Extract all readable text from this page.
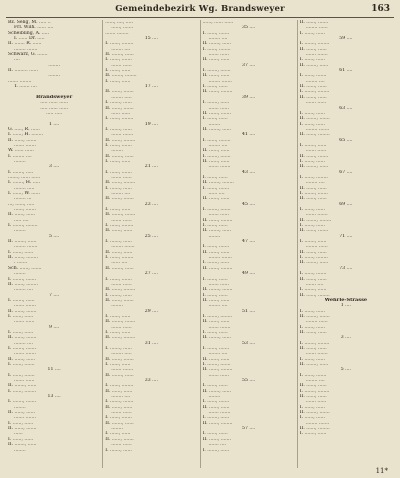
Gemeindebezirk Wg. Brandsweyer	163
Bz. Selig, M. ..... ..
Frl. Wilh. ...... ....
Scheibling, A. .....
I. ...... Dr. .....
II. ....... R. ......
........ .......
Schwarz, G. .......
....
........
II. ......... ......
........
....... ........
T. ....... ....

Brandsweyer
..... ...... ......
..... ...... ......
..... .....

1 ....
G. ....., R. ......
I. ......, H. ........
II. ......, .......
....... .......
W. ...... ......
I. ........ ....
........
3 ....
I. ......., .....
......., ...... ......
I. ......., H. .....
........ .....
I. ......, W. ......
........ ...
..., ......, .....
......, .......
II. ......, ......
..... ....
I. ......., ........
........
5 ....
II. ......., ......
........ .......
I. ......, ......
II. ......, ........
. .......
Sch. ......, .......
........
I. ......., .......
II. ......, ........
........ ....
7 ....
I. ......., ......
....... .......
II. ......, .......
I. ......, ......
....... ......
9 ....
I. ......, ......
II. ......, .......
........ ....
I. ......., .......
....... .......
II. ......, ......
I. ......, .......
11 ....
I. ......, .......
....... ......
II. ......., ......
I. ......, ........
13 ....
I. ......., .......
........
II. ......, ......
....... .......
I. ......, ......
II. ......, .......
......
I. ......, ......
II. ......., ......
........
......, ...., .....
......, .......
....... ........
15 ....
I. ......, ........
........ ....
II. ......., ......
I. ......, .......
....... ......
I. ......, ......
II. ......., ........
I. ......, ......
17 ....
II. ......, .......
........ .....
I. ......., ......
II. ......, .......
...... ......
I. ......, ........
19 ....
I. ......., ......
....... .......
II. ......, ........
I. ......, .......
........
II. ......., ......
I. ......, ......
21 ....
I. ......, .......
....... ......
II. ......, ........
I. ......., ......
........ ....
II. ......, .......
23 ....
I. ......, ......
II. ......., .......
....... ......
I. ......, ........
II. ......, ......
25 ....
I. ......., ......
........ .......
II. ......, ......
I. ......, ........
...... ....
II. ......., ......
27 ....
I. ......, .......
....... ......
II. ......, ........
I. ......., ......
II. ......, .......
........
29 ....
I. ......, ......
II. ......., .......
....... ......
I. ......, ......
II. ......, ........
31 ....
I. ......., ......
........ .....
II. ......, .......
I. ......, ......
....... .......
II. ......., ......
33 ....
I. ......, ........
II. ......, ......
........ ....
I. ......., .......
II. ......, ......
....... ......
I. ......, .......
II. ......., ......
........
I. ......, ......
II. ......, .......
....... ......
I. ......., ......
......, ...... ......
35 ....
I. ......, .......
........ ....
II. ......., ......
I. ......, ........
....... ......
II. ......, ......
37 ....
I. ......., .......
II. ......, ......
........ .......
I. ......, ......
II. ......, ........
39 ....
I. ......., ......
....... ......
II. ......, .......
I. ......, ......
........
II. ......., ......
41 ....
I. ......, ........
........ ....
II. ......, ......
I. ......., .......
II. ......, ......
....... .......
43 ....
I. ......, ......
II. ......., ........
I. ......, .......
...... ....
II. ......, ......
45 ....
I. ......., .......
....... ......
II. ......, ........
I. ......, ......
II. ......., ......
........
47 ....
I. ......, .......
II. ......, ......
........ .......
I. ......., ......
II. ......, ........
49 ....
I. ......, ......
....... ......
II. ......., .......
I. ......, ......
II. ......, ......
........ ....
51 ....
I. ......., ........
II. ......, ......
....... .......
I. ......, ......
II. ......., ......
53 ....
I. ......, .......
........ ....
II. ......, ......
I. ......., .......
II. ......, ........
....... ......
55 ....
I. ......, ......
II. ......., ......
........
I. ......, .......
II. ......, ......
....... .......
I. ......., ......
II. ......, ........
57 ....
I. ......, ......
II. ......, .......
....... ....
I. ......., ......
II. ......, .......
........ ......
I. ......, ......
59 ....
I. ......., ........
II. ......, ......
....... .......
I. ......, ......
II. ......., ......
61 ....
I. ......, .......
........ ....
II. ......, ......
I. ......., ........
II. ......, ......
....... ......
63 ....
I. ......, ......
II. ......., .......
I. ......, ......
........ .......
II. ......, ........
65 ....
I. ......., ......
....... ......
II. ......, .......
I. ......, ......
II. ......., ......
67 ....
I. ......, ........
........ ....
II. ......, ......
I. ......., .......
II. ......, ......
69 ....
I. ......, ......
....... .......
II. ......., ........
I. ......, ......
II. ......, .......
71 ....
I. ......., ......
........ ......
II. ......, ......
I. ......, ........
II. ......., ......
73 ....
I. ......, .......
II. ......, ......
....... ....
I. ......., ......
II. ......, ........
Wehrle-Strasse
1 ....
I. ......, ......
II. ......., .......
........ ......
I. ......, ......
II. ......, ......
3 ....
I. ......., ........
II. ......, ......
....... .......
I. ......, ......
II. ......., ......
5 ....
I. ......, .......
........ ....
II. ......, ......
I. ......., ........
II. ......, ......
....... ......
I. ......, ......
II. ......., .......
I. ......, ......
........ .......
II. ......, ........
I. ......., ......
11*
